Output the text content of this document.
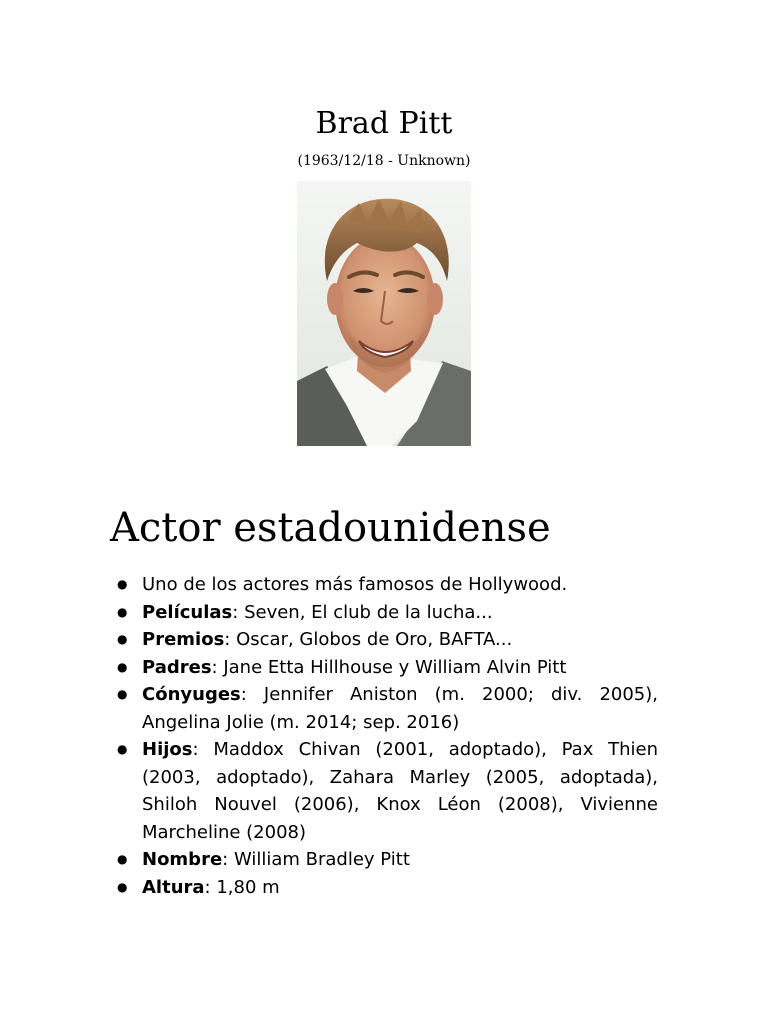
Brad Pitt

(1963/12/18 - Unknown)

Actor estadounidense
● Uno de los actores más famosos de Hollywood.
● Películas: Seven, El club de la lucha...
● Premios: Oscar, Globos de Oro, BAFTA...
● Padres: Jane Etta Hillhouse y William Alvin Pitt
● Cónyuges: Jennifer Aniston (m. 2000; div. 2005), Angelina Jolie (m. 2014; sep. 2016)
● Hijos: Maddox Chivan (2001, adoptado), Pax Thien (2003, adoptado), Zahara Marley (2005, adoptada), Shiloh Nouvel (2006), Knox Léon (2008), Vivienne Marcheline (2008)
● Nombre: William Bradley Pitt
● Altura: 1,80 m
